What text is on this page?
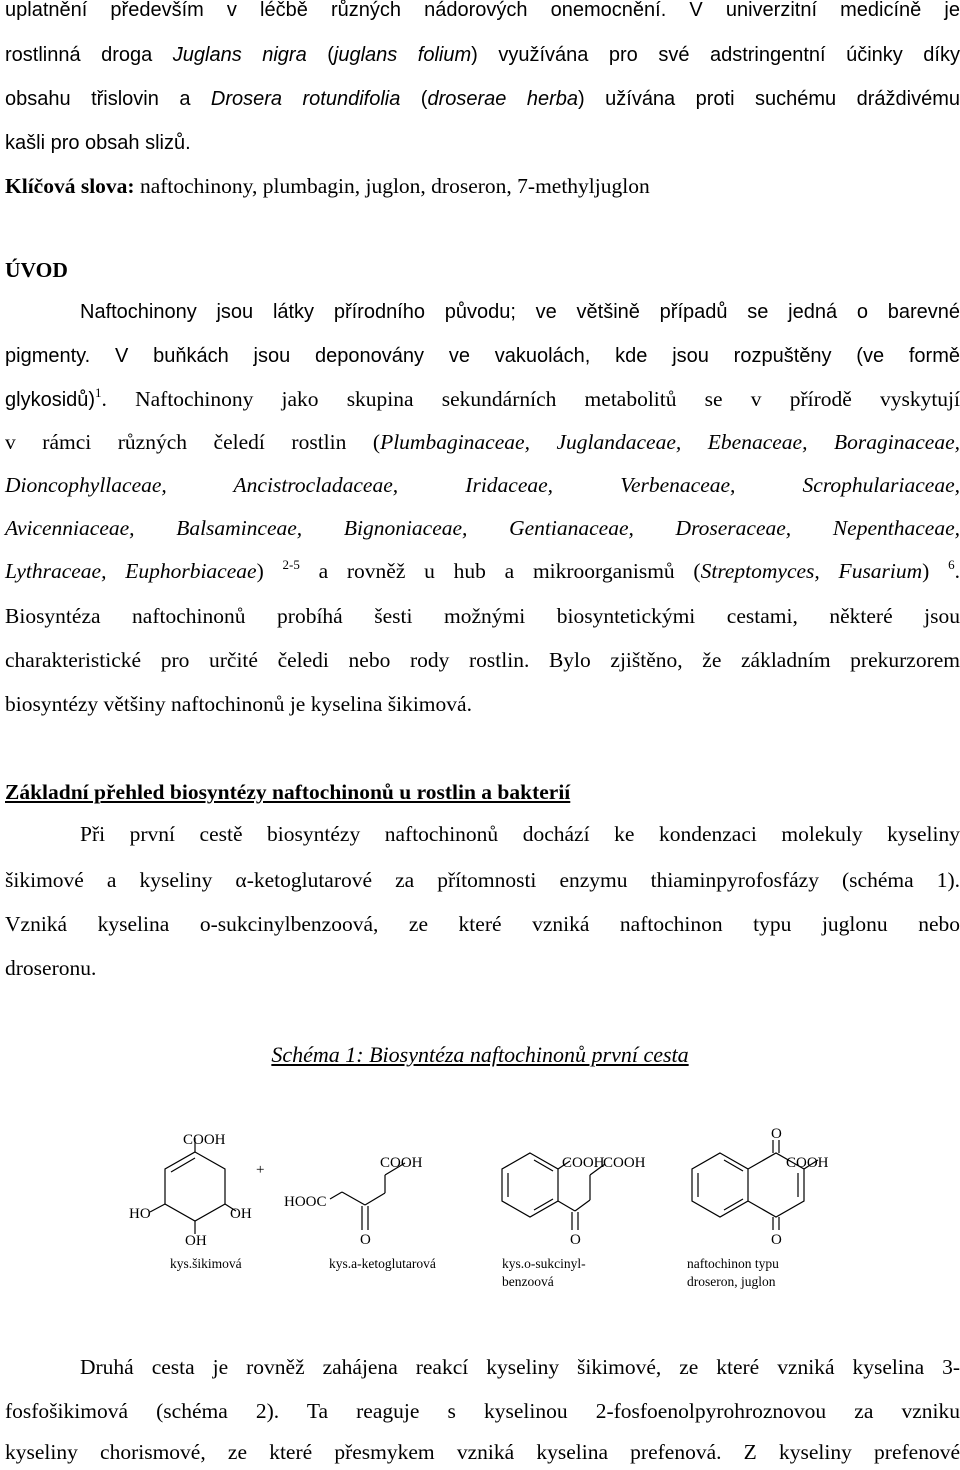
uplatnění především v léčbě různých nádorových onemocnění. V univerzitní medicíně je
rostlinná droga Juglans nigra (juglans folium) využívána pro své adstringentní účinky díky
obsahu třislovin a Drosera rotundifolia (droserae herba) užívána proti suchému dráždivému
kašli pro obsah slizů.
Klíčová slova: naftochinony, plumbagin, juglon, droseron, 7-methyljuglon
ÚVOD
Naftochinony jsou látky přírodního původu; ve většině případů se jedná o barevné
pigmenty. V buňkách jsou deponovány ve vakuolách, kde jsou rozpuštěny (ve formě
glykosidů)$^1$. Naftochinony jako skupina sekundárních metabolitů se v přírodě vyskytují
v rámci různých čeledí rostlin (Plumbaginaceae, Juglandaceae, Ebenaceae, Boraginaceae,
Dioncophyllaceae, Ancistrocladaceae, Iridaceae, Verbenaceae, Scrophulariaceae,
Avicenniaceae, Balsaminceae, Bignoniaceae, Gentianaceae, Droseraceae, Nepenthaceae,
Lythraceae, Euphorbiaceae) $^{2-5}$ a rovněž u hub a mikroorganismů (Streptomyces, Fusarium) $^6$.
Biosyntéza naftochinonů probíhá šesti možnými biosyntetickými cestami, některé jsou
charakteristické pro určité čeledi nebo rody rostlin. Bylo zjištěno, že základním prekurzorem
biosyntézy většiny naftochinonů je kyselina šikimová.
Základní přehled biosyntézy naftochinonů u rostlin a bakterií
Při první cestě biosyntézy naftochinonů dochází ke kondenzaci molekuly kyseliny
šikimové a kyseliny α-ketoglutarové za přítomnosti enzymu thiaminpyrofosfázy (schéma 1).
Vzniká kyselina o-sukcinylbenzoová, ze které vzniká naftochinon typu juglonu nebo
droseronu.
Schéma 1: Biosyntéza naftochinonů první cesta
COOH
HO
OH
OH
kys.šikimová
+	COOH
HOOC
O
kys.a-ketoglutarová
COOH
COOH
O
kys.o-sukcinyl-
benzoová
O
O
COOH
naftochinon typu
droseron, juglon
Druhá cesta je rovněž zahájena reakcí kyseliny šikimové, ze které vzniká kyselina 3-
fosfošikimová (schéma 2). Ta reaguje s kyselinou 2-fosfoenolpyrohroznovou za vzniku
kyseliny chorismové, ze které přesmykem vzniká kyselina prefenová. Z kyseliny prefenové
